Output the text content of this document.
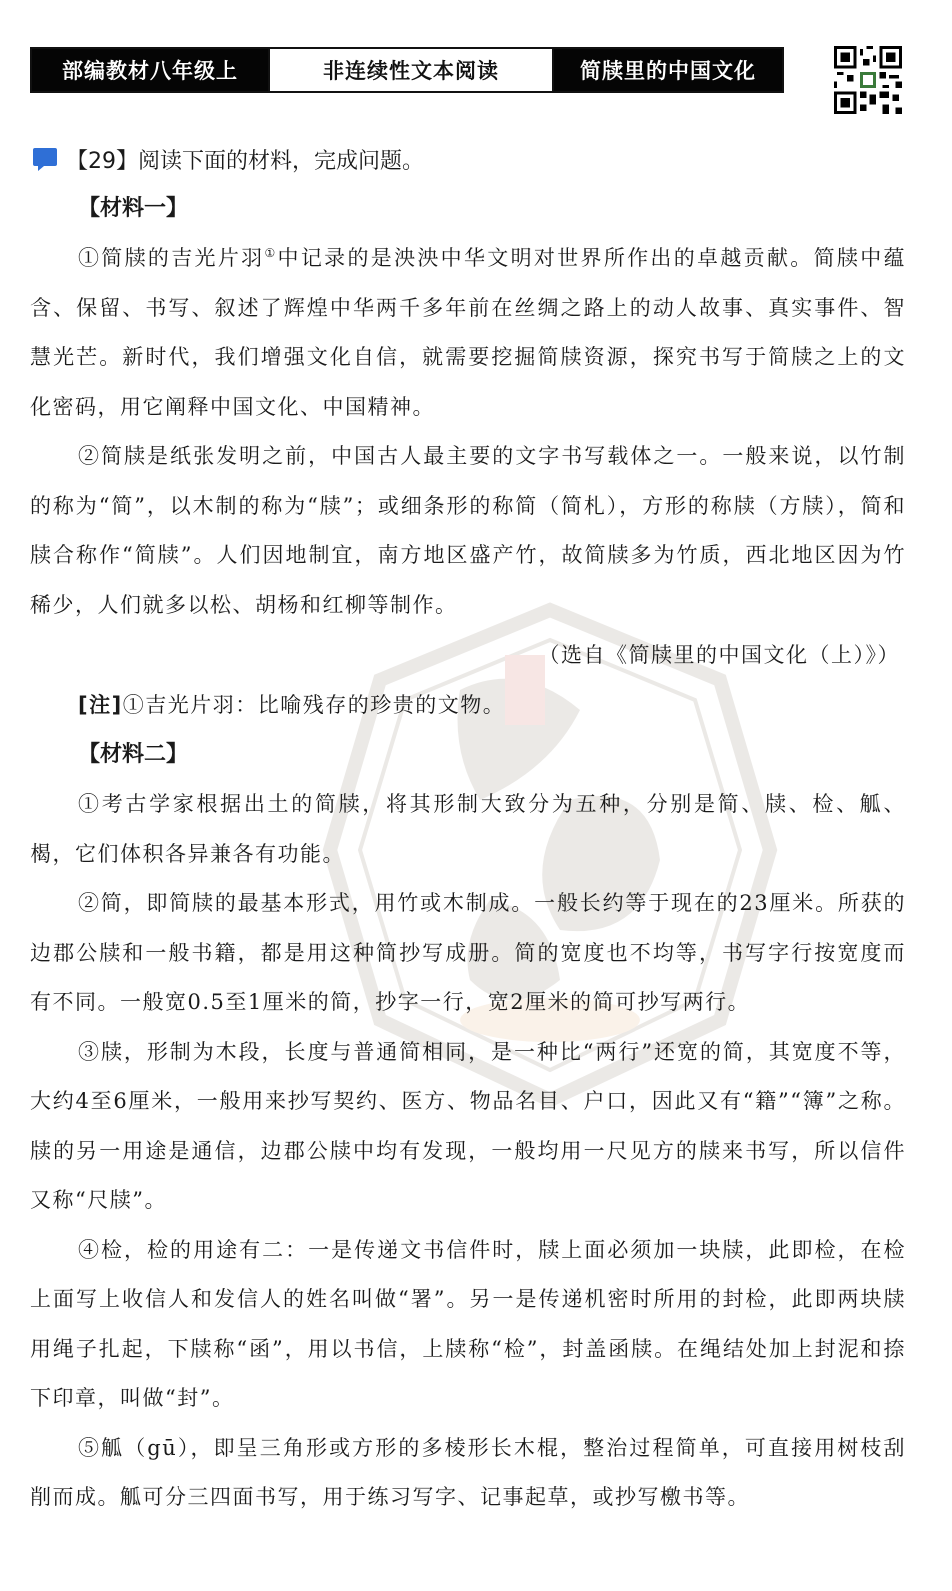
部编教材八年级上	非连续性文本阅读	简牍里的中国文化
【29】 阅读下面的材料，完成问题。
【材料一】

①简牍的吉光片羽①中记录的是泱泱中华文明对世界所作出的卓越贡献。简牍中蕴含、保留、书写、叙述了辉煌中华两千多年前在丝绸之路上的动人故事、真实事件、智慧光芒。新时代，我们增强文化自信，就需要挖掘简牍资源，探究书写于简牍之上的文化密码，用它阐释中国文化、中国精神。

②简牍是纸张发明之前，中国古人最主要的文字书写载体之一。一般来说，以竹制的称为“简”，以木制的称为“牍”；或细条形的称简（简札），方形的称牍（方牍），简和牍合称作“简牍”。人们因地制宜，南方地区盛产竹，故简牍多为竹质，西北地区因为竹稀少，人们就多以松、胡杨和红柳等制作。

（选自《简牍里的中国文化（上）》）
[注]①吉光片羽：比喻残存的珍贵的文物。
【材料二】

①考古学家根据出土的简牍，将其形制大致分为五种，分别是简、牍、检、觚、楬，它们体积各异兼各有功能。

②简，即简牍的最基本形式，用竹或木制成。一般长约等于现在的23厘米。所获的边郡公牍和一般书籍，都是用这种简抄写成册。简的宽度也不均等，书写字行按宽度而有不同。一般宽0.5至1厘米的简，抄字一行，宽2厘米的简可抄写两行。

③牍，形制为木段，长度与普通简相同，是一种比“两行”还宽的简，其宽度不等，大约4至6厘米，一般用来抄写契约、医方、物品名目、户口，因此又有“籍”“簿”之称。牍的另一用途是通信，边郡公牍中均有发现，一般均用一尺见方的牍来书写，所以信件又称“尺牍”。

④检，检的用途有二：一是传递文书信件时，牍上面必须加一块牍，此即检，在检上面写上收信人和发信人的姓名叫做“署”。另一是传递机密时所用的封检，此即两块牍用绳子扎起，下牍称“函”，用以书信，上牍称“检”，封盖函牍。在绳结处加上封泥和捺下印章，叫做“封”。

⑤觚（gū），即呈三角形或方形的多棱形长木棍，整治过程简单，可直接用树枝刮削而成。觚可分三四面书写，用于练习写字、记事起草，或抄写檄书等。
